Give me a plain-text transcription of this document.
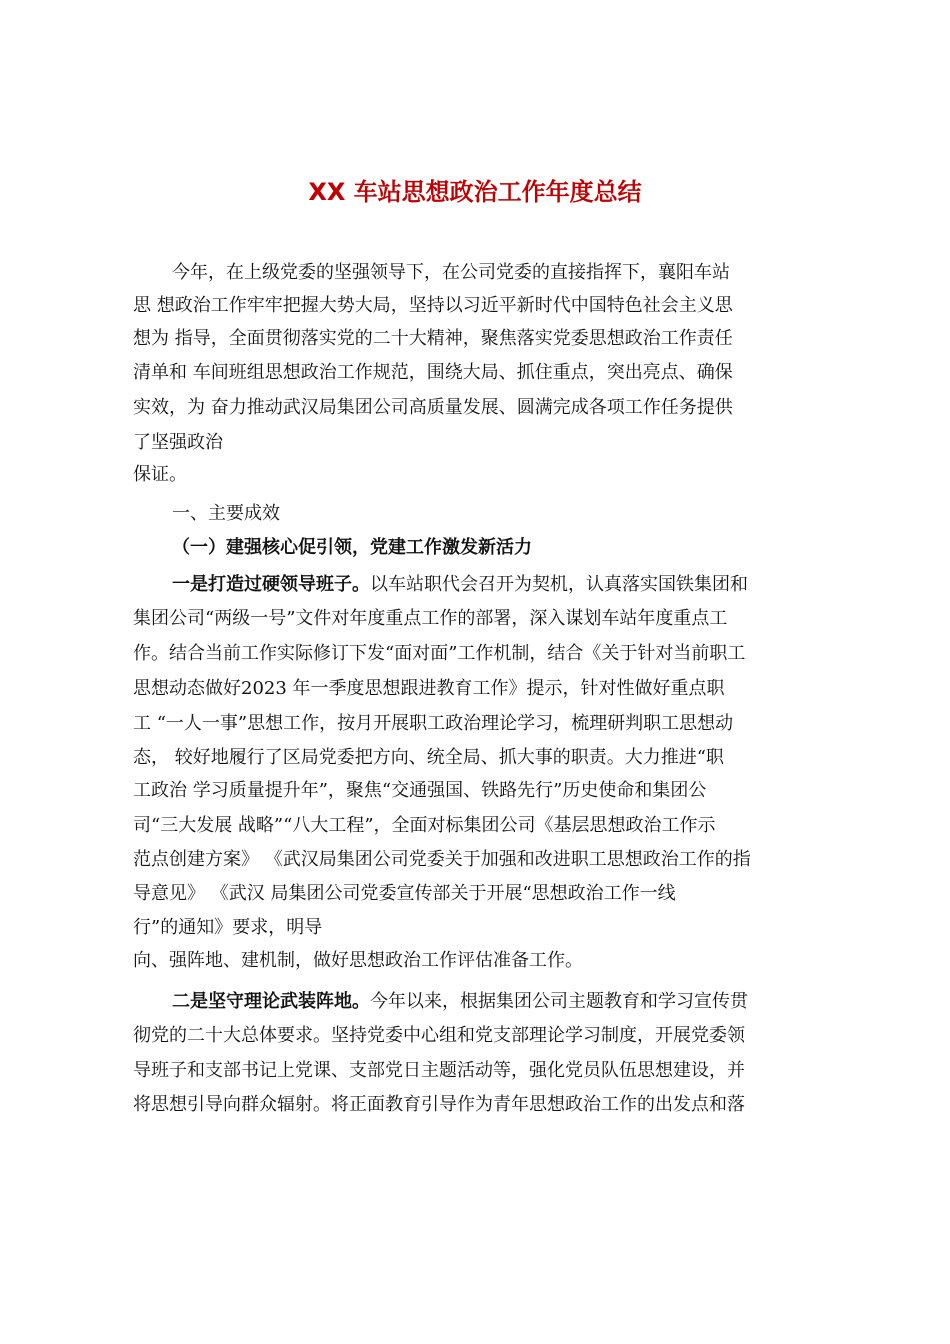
XX 车站思想政治工作年度总结
今年，在上级党委的坚强领导下，在公司党委的直接指挥下，襄阳车站
思 想政治工作牢牢把握大势大局，坚持以习近平新时代中国特色社会主义思
想为 指导，全面贯彻落实党的二十大精神，聚焦落实党委思想政治工作责任
清单和 车间班组思想政治工作规范，围绕大局、抓住重点，突出亮点、确保
实效，为 奋力推动武汉局集团公司高质量发展、圆满完成各项工作任务提供
了坚强政治
保证。
一、主要成效
（一）建强核心促引领，党建工作激发新活力
一是打造过硬领导班子。以车站职代会召开为契机，认真落实国铁集团和
集团公司“两级一号”文件对年度重点工作的部署，深入谋划车站年度重点工
作。结合当前工作实际修订下发“面对面”工作机制，结合《关于针对当前职工
思想动态做好2023 年一季度思想跟进教育工作》提示，针对性做好重点职
工 “一人一事”思想工作，按月开展职工政治理论学习，梳理研判职工思想动
态， 较好地履行了区局党委把方向、统全局、抓大事的职责。大力推进“职
工政治 学习质量提升年”，聚焦“交通强国、铁路先行”历史使命和集团公
司“三大发展 战略”“八大工程”，全面对标集团公司《基层思想政治工作示
范点创建方案》 《武汉局集团公司党委关于加强和改进职工思想政治工作的指
导意见》 《武汉 局集团公司党委宣传部关于开展“思想政治工作一线
行”的通知》要求，明导
向、强阵地、建机制，做好思想政治工作评估准备工作。
二是坚守理论武装阵地。今年以来，根据集团公司主题教育和学习宣传贯
彻党的二十大总体要求。坚持党委中心组和党支部理论学习制度，开展党委领
导班子和支部书记上党课、支部党日主题活动等，强化党员队伍思想建设，并
将思想引导向群众辐射。将正面教育引导作为青年思想政治工作的出发点和落
